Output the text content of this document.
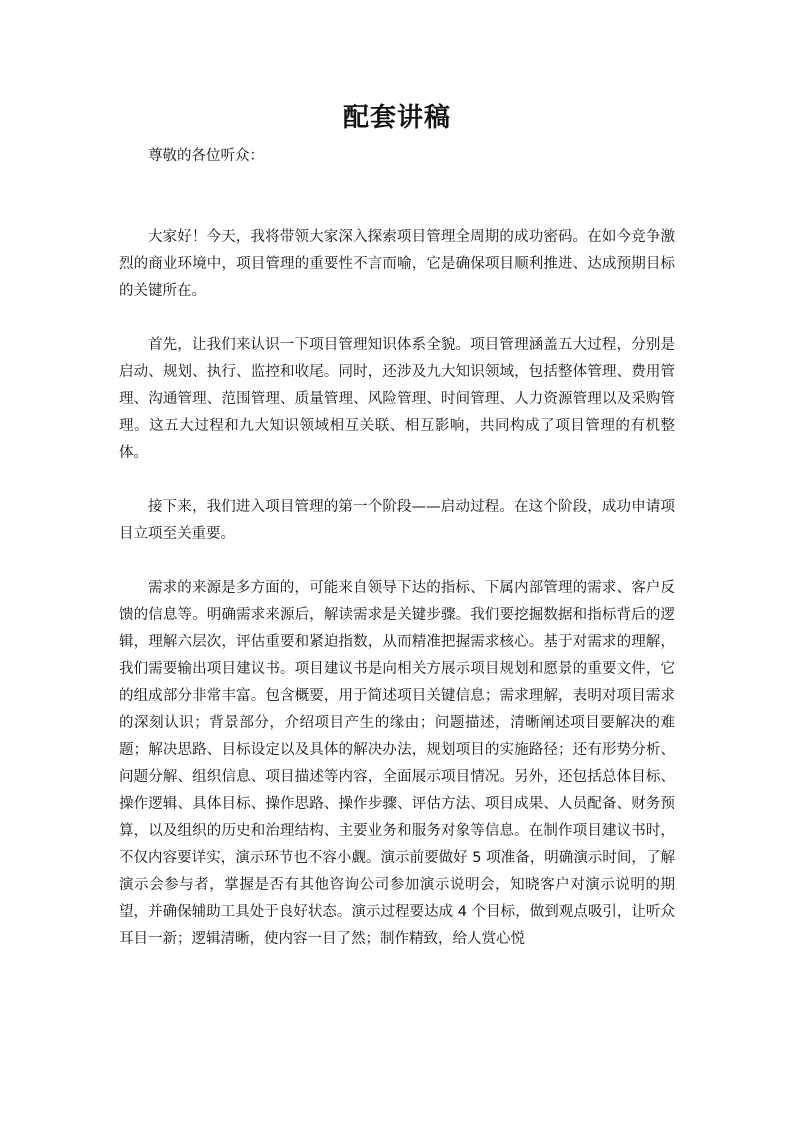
配套讲稿

尊敬的各位听众：

大家好！今天，我将带领大家深入探索项目管理全周期的成功密码。在如今竞争激烈的商业环境中，项目管理的重要性不言而喻，它是确保项目顺利推进、达成预期目标的关键所在。

首先，让我们来认识一下项目管理知识体系全貌。项目管理涵盖五大过程，分别是启动、规划、执行、监控和收尾。同时，还涉及九大知识领域，包括整体管理、费用管理、沟通管理、范围管理、质量管理、风险管理、时间管理、人力资源管理以及采购管理。这五大过程和九大知识领域相互关联、相互影响，共同构成了项目管理的有机整体。

接下来，我们进入项目管理的第一个阶段——启动过程。在这个阶段，成功申请项目立项至关重要。

需求的来源是多方面的，可能来自领导下达的指标、下属内部管理的需求、客户反馈的信息等。明确需求来源后，解读需求是关键步骤。我们要挖掘数据和指标背后的逻辑，理解六层次，评估重要和紧迫指数，从而精准把握需求核心。基于对需求的理解，我们需要输出项目建议书。项目建议书是向相关方展示项目规划和愿景的重要文件，它的组成部分非常丰富。包含概要，用于简述项目关键信息；需求理解，表明对项目需求的深刻认识；背景部分，介绍项目产生的缘由；问题描述，清晰阐述项目要解决的难题；解决思路、目标设定以及具体的解决办法，规划项目的实施路径；还有形势分析、问题分解、组织信息、项目描述等内容，全面展示项目情况。另外，还包括总体目标、操作逻辑、具体目标、操作思路、操作步骤、评估方法、项目成果、人员配备、财务预算，以及组织的历史和治理结构、主要业务和服务对象等信息。在制作项目建议书时，不仅内容要详实，演示环节也不容小觑。演示前要做好 5 项准备，明确演示时间，了解演示会参与者，掌握是否有其他咨询公司参加演示说明会，知晓客户对演示说明的期望，并确保辅助工具处于良好状态。演示过程要达成 4 个目标，做到观点吸引，让听众耳目一新；逻辑清晰，使内容一目了然；制作精致，给人赏心悦
